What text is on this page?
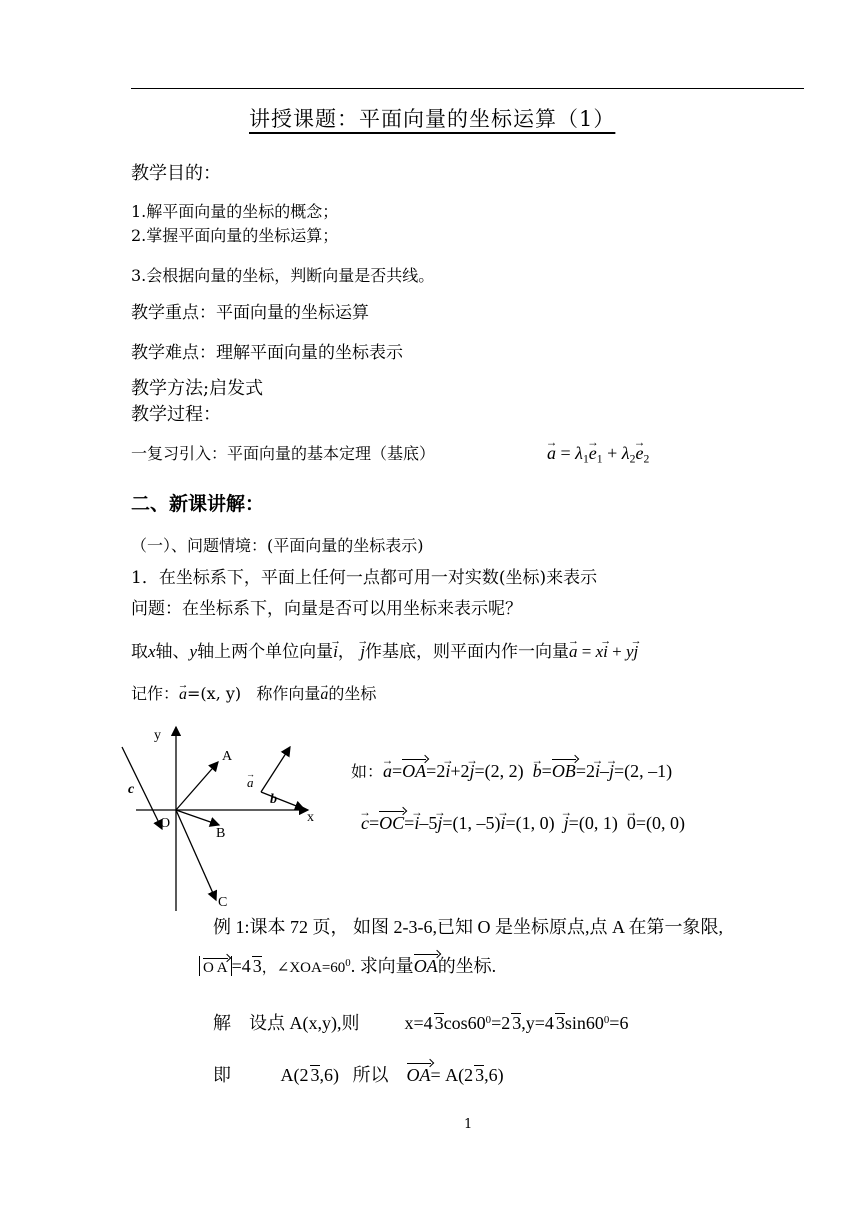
讲授课题：平面向量的坐标运算（1）
教学目的：
1.解平面向量的坐标的概念；
2.掌握平面向量的坐标运算；
3.会根据向量的坐标，判断向量是否共线。
教学重点：平面向量的坐标运算
教学难点：理解平面向量的坐标表示
教学方法;启发式
教学过程：
一复习引入：平面向量的基本定理（基底）	→ $a = \lambda_1\to e_1 + \lambda_2\to e_2$
二、新课讲解：
（一）、问题情境：(平面向量的坐标表示)
1．在坐标系下，平面上任何一点都可用一对实数(坐标)来表示
问题：在坐标系下，向量是否可以用坐标来表示呢？
取x轴、y轴上两个单位向量→ i， → j作基底，则平面内作一向量→ a = x→ i + y→ j
记作：→ a=(x, y) 称作向量→ a的坐标
y
x
O
A
B
C
c
b
a
→	如：→ a=OA=2→ i+2→ j=(2, 2) → b=OB=2→ i–→ j=(2, –1)
→ c=OC=→ i–5→ j=(1, –5)→ i=(1, 0) → j=(0, 1) → 0=(0, 0)
例 1:课本 72 页， 如图 2-3-6,已知 O 是坐标原点,点 A 在第一象限,
O A =4 3，$\angle XOA=60^0$. 求向量OA的坐标.
解 设点 A(x,y),则	x=4 $3\cos 60^0=2$ 3,y=4 $3\sin 60^0=6$
即	A(2 3,6) 所以 OA= A(2 3,6)
1
